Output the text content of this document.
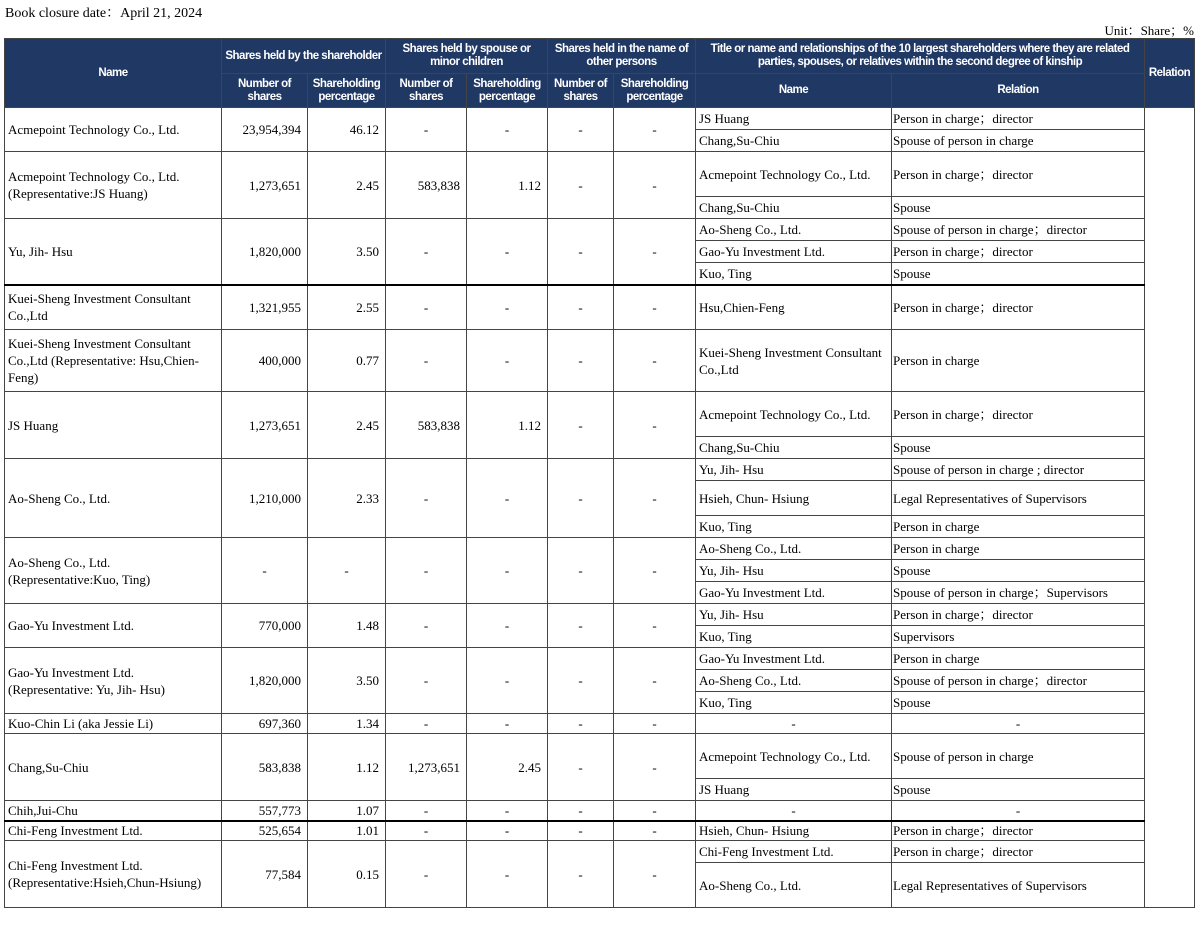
Book closure date：April 21, 2024
Unit：Share；%
Name	Shares held by the shareholder		Shares held by spouse or minor children		Shares held in the name of other persons		Title or name and relationships of the 10 largest shareholders where they are related parties, spouses, or relatives within the second degree of kinship		Relation
	Number of shares	Shareholding percentage	Number of shares	Shareholding percentage	Number of shares	Shareholding percentage	Name	Relation	
Acmepoint Technology Co., Ltd.	23,954,394	46.12	-	-	-	-	JS Huang	Person in charge；director	
							Chang,Su-Chiu	Spouse of person in charge	
Acmepoint Technology Co., Ltd. (Representative:JS Huang)	1,273,651	2.45	583,838	1.12	-	-	Acmepoint Technology Co., Ltd.	Person in charge；director	
							Chang,Su-Chiu	Spouse	
Yu, Jih- Hsu	1,820,000	3.50	-	-	-	-	Ao-Sheng Co., Ltd.	Spouse of person in charge；director	
							Gao-Yu Investment Ltd.	Person in charge；director	
							Kuo, Ting	Spouse	
Kuei-Sheng Investment Consultant Co.,Ltd	1,321,955	2.55	-	-	-	-	Hsu,Chien-Feng	Person in charge；director	
Kuei-Sheng Investment Consultant Co.,Ltd (Representative: Hsu,Chien-Feng)	400,000	0.77	-	-	-	-	Kuei-Sheng Investment Consultant Co.,Ltd	Person in charge	
JS Huang	1,273,651	2.45	583,838	1.12	-	-	Acmepoint Technology Co., Ltd.	Person in charge；director	
							Chang,Su-Chiu	Spouse	
Ao-Sheng Co., Ltd.	1,210,000	2.33	-	-	-	-	Yu, Jih- Hsu	Spouse of person in charge ; director	
							Hsieh, Chun- Hsiung	Legal Representatives of Supervisors	
							Kuo, Ting	Person in charge	
Ao-Sheng Co., Ltd. (Representative:Kuo, Ting)	-	-	-	-	-	-	Ao-Sheng Co., Ltd.	Person in charge	
							Yu, Jih- Hsu	Spouse	
							Gao-Yu Investment Ltd.	Spouse of person in charge；Supervisors	
Gao-Yu Investment Ltd.	770,000	1.48	-	-	-	-	Yu, Jih- Hsu	Person in charge；director	
							Kuo, Ting	Supervisors	
Gao-Yu Investment Ltd. (Representative: Yu, Jih- Hsu)	1,820,000	3.50	-	-	-	-	Gao-Yu Investment Ltd.	Person in charge	
							Ao-Sheng Co., Ltd.	Spouse of person in charge；director	
							Kuo, Ting	Spouse	
Kuo-Chin Li (aka Jessie Li)	697,360	1.34	-	-	-	-	-	-	
Chang,Su-Chiu	583,838	1.12	1,273,651	2.45	-	-	Acmepoint Technology Co., Ltd.	Spouse of person in charge	
							JS Huang	Spouse	
Chih,Jui-Chu	557,773	1.07	-	-	-	-	-	-	
Chi-Feng Investment Ltd.	525,654	1.01	-	-	-	-	Hsieh, Chun- Hsiung	Person in charge；director	
Chi-Feng Investment Ltd. (Representative:Hsieh,Chun-Hsiung)	77,584	0.15	-	-	-	-	Chi-Feng Investment Ltd.	Person in charge；director	
							Ao-Sheng Co., Ltd.	Legal Representatives of Supervisors	
